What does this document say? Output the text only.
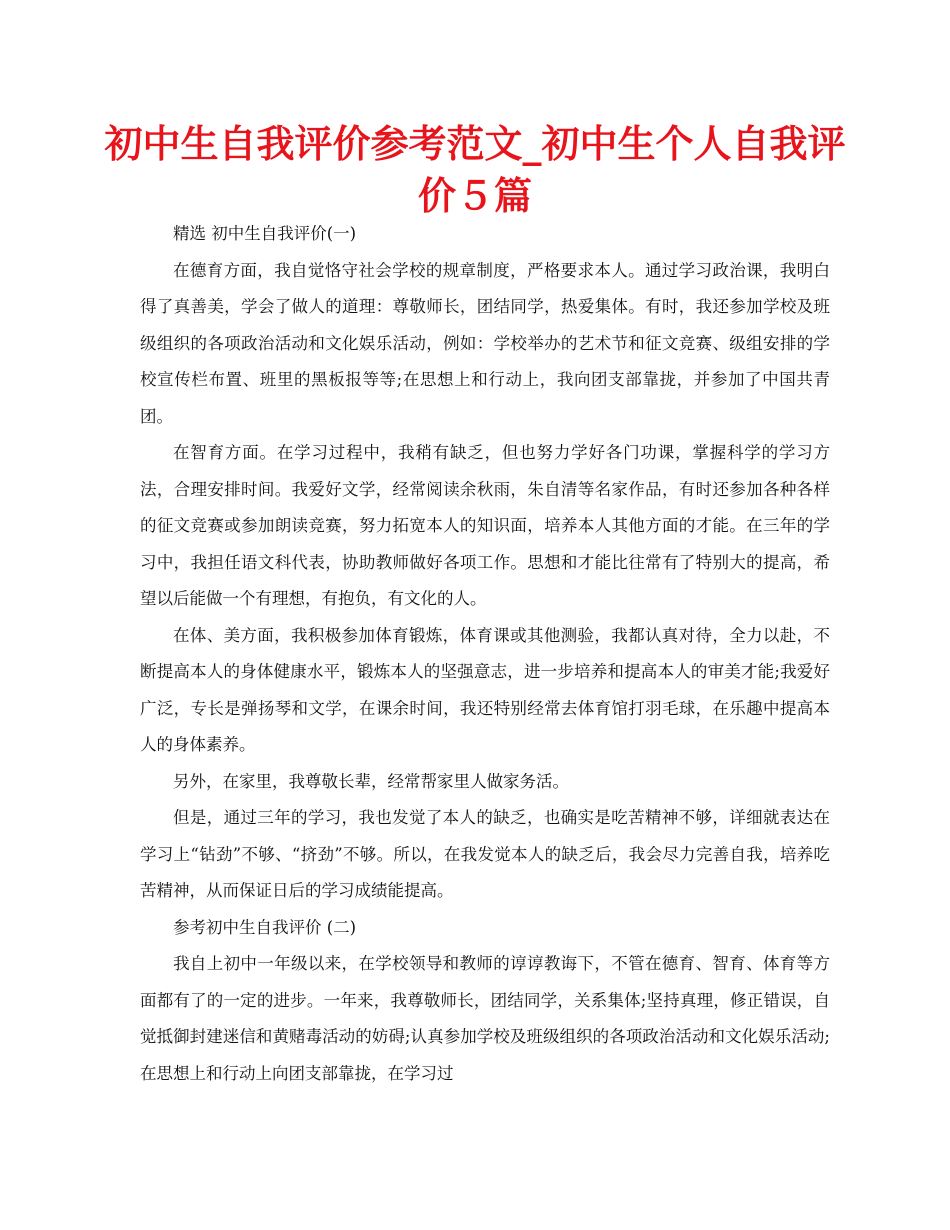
初中生自我评价参考范文_初中生个人自我评价５篇

精选 初中生自我评价(一)

在德育方面，我自觉恪守社会学校的规章制度，严格要求本人。通过学习政治课，我明白得了真善美，学会了做人的道理：尊敬师长，团结同学，热爱集体。有时，我还参加学校及班级组织的各项政治活动和文化娱乐活动，例如：学校举办的艺术节和征文竞赛、级组安排的学校宣传栏布置、班里的黑板报等等;在思想上和行动上，我向团支部靠拢，并参加了中国共青团。

在智育方面。在学习过程中，我稍有缺乏，但也努力学好各门功课，掌握科学的学习方法，合理安排时间。我爱好文学，经常阅读余秋雨，朱自清等名家作品，有时还参加各种各样的征文竞赛或参加朗读竞赛，努力拓宽本人的知识面，培养本人其他方面的才能。在三年的学习中，我担任语文科代表，协助教师做好各项工作。思想和才能比往常有了特别大的提高，希望以后能做一个有理想，有抱负，有文化的人。

在体、美方面，我积极参加体育锻炼，体育课或其他测验，我都认真对待，全力以赴，不断提高本人的身体健康水平，锻炼本人的坚强意志，进一步培养和提高本人的审美才能;我爱好广泛，专长是弹扬琴和文学，在课余时间，我还特别经常去体育馆打羽毛球，在乐趣中提高本人的身体素养。

另外，在家里，我尊敬长辈，经常帮家里人做家务活。

但是，通过三年的学习，我也发觉了本人的缺乏，也确实是吃苦精神不够，详细就表达在学习上“钻劲”不够、“挤劲”不够。所以，在我发觉本人的缺乏后，我会尽力完善自我，培养吃苦精神，从而保证日后的学习成绩能提高。

参考初中生自我评价 (二)

我自上初中一年级以来，在学校领导和教师的谆谆教诲下，不管在德育、智育、体育等方面都有了的一定的进步。一年来，我尊敬师长，团结同学，关系集体;坚持真理，修正错误，自觉抵御封建迷信和黄赌毒活动的妨碍;认真参加学校及班级组织的各项政治活动和文化娱乐活动;在思想上和行动上向团支部靠拢，在学习过
